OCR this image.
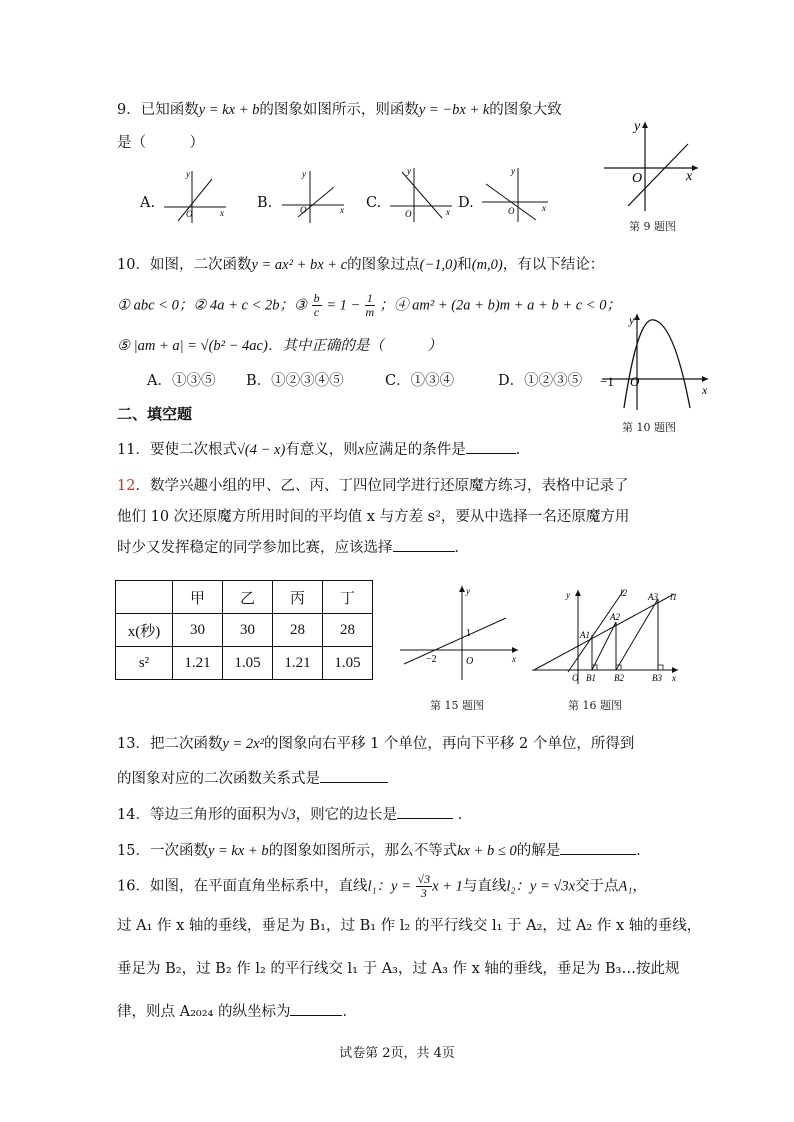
9．已知函数y = kx + b的图象如图所示，则函数y = −bx + k的图象大致
是（　　　）
y
x
O
第 9 题图
A.
y
x
O
B.
y
x
O	C.
y
x
O
D.
y
x
O
10．如图，二次函数y = ax² + bx + c的图象过点(−1,0)和(m,0)，有以下结论：
① abc < 0；② 4a + c < 2b；③ $\frac{b}{c} = 1 - \frac{1}{m}$ ；④ am² + (2a + b)m + a + b + c < 0；
⑤ |am + a| = √(b² − 4ac)．其中正确的是（　　　）
A．①③⑤ B．①②③④⑤	C．①③④	D．①②③⑤
y
x
−1 O
第 10 题图
二、填空题
11．要使二次根式√(4 − x)有意义，则x应满足的条件是	．
12．数学兴趣小组的甲、乙、丙、丁四位同学进行还原魔方练习，表格中记录了
他们 10 次还原魔方所用时间的平均值 x 与方差 s²，要从中选择一名还原魔方用
时少又发挥稳定的同学参加比赛，应该选择	．
	甲	乙	丙	丁
x(秒)	30	30	28	28
s²	1.21	1.05	1.21	1.05
y
x
−2
1
O
第 15 题图
y	l2	l1
A3
A2
A1
O B1 B2	B3 x
第 16 题图
13．把二次函数y = 2x²的图象向右平移 1 个单位，再向下平移 2 个单位，所得到
的图象对应的二次函数关系式是
14．等边三角形的面积为√3，则它的边长是	．
15．一次函数y = kx + b的图象如图所示，那么不等式kx + b ≤ 0的解是	．
16．如图，在平面直角坐标系中，直线l₁：$y = \frac{√3}{3}$ x + 1与直线l₂：y = √3x交于点A₁，
过 A₁ 作 x 轴的垂线，垂足为 B₁，过 B₁ 作 l₂ 的平行线交 l₁ 于 A₂，过 A₂ 作 x 轴的垂线，
垂足为 B₂，过 B₂ 作 l₂ 的平行线交 l₁ 于 A₃，过 A₃ 作 x 轴的垂线，垂足为 B₃…按此规
律，则点 A₂₀₂₄ 的纵坐标为	．
试卷第 2页，共 4页
